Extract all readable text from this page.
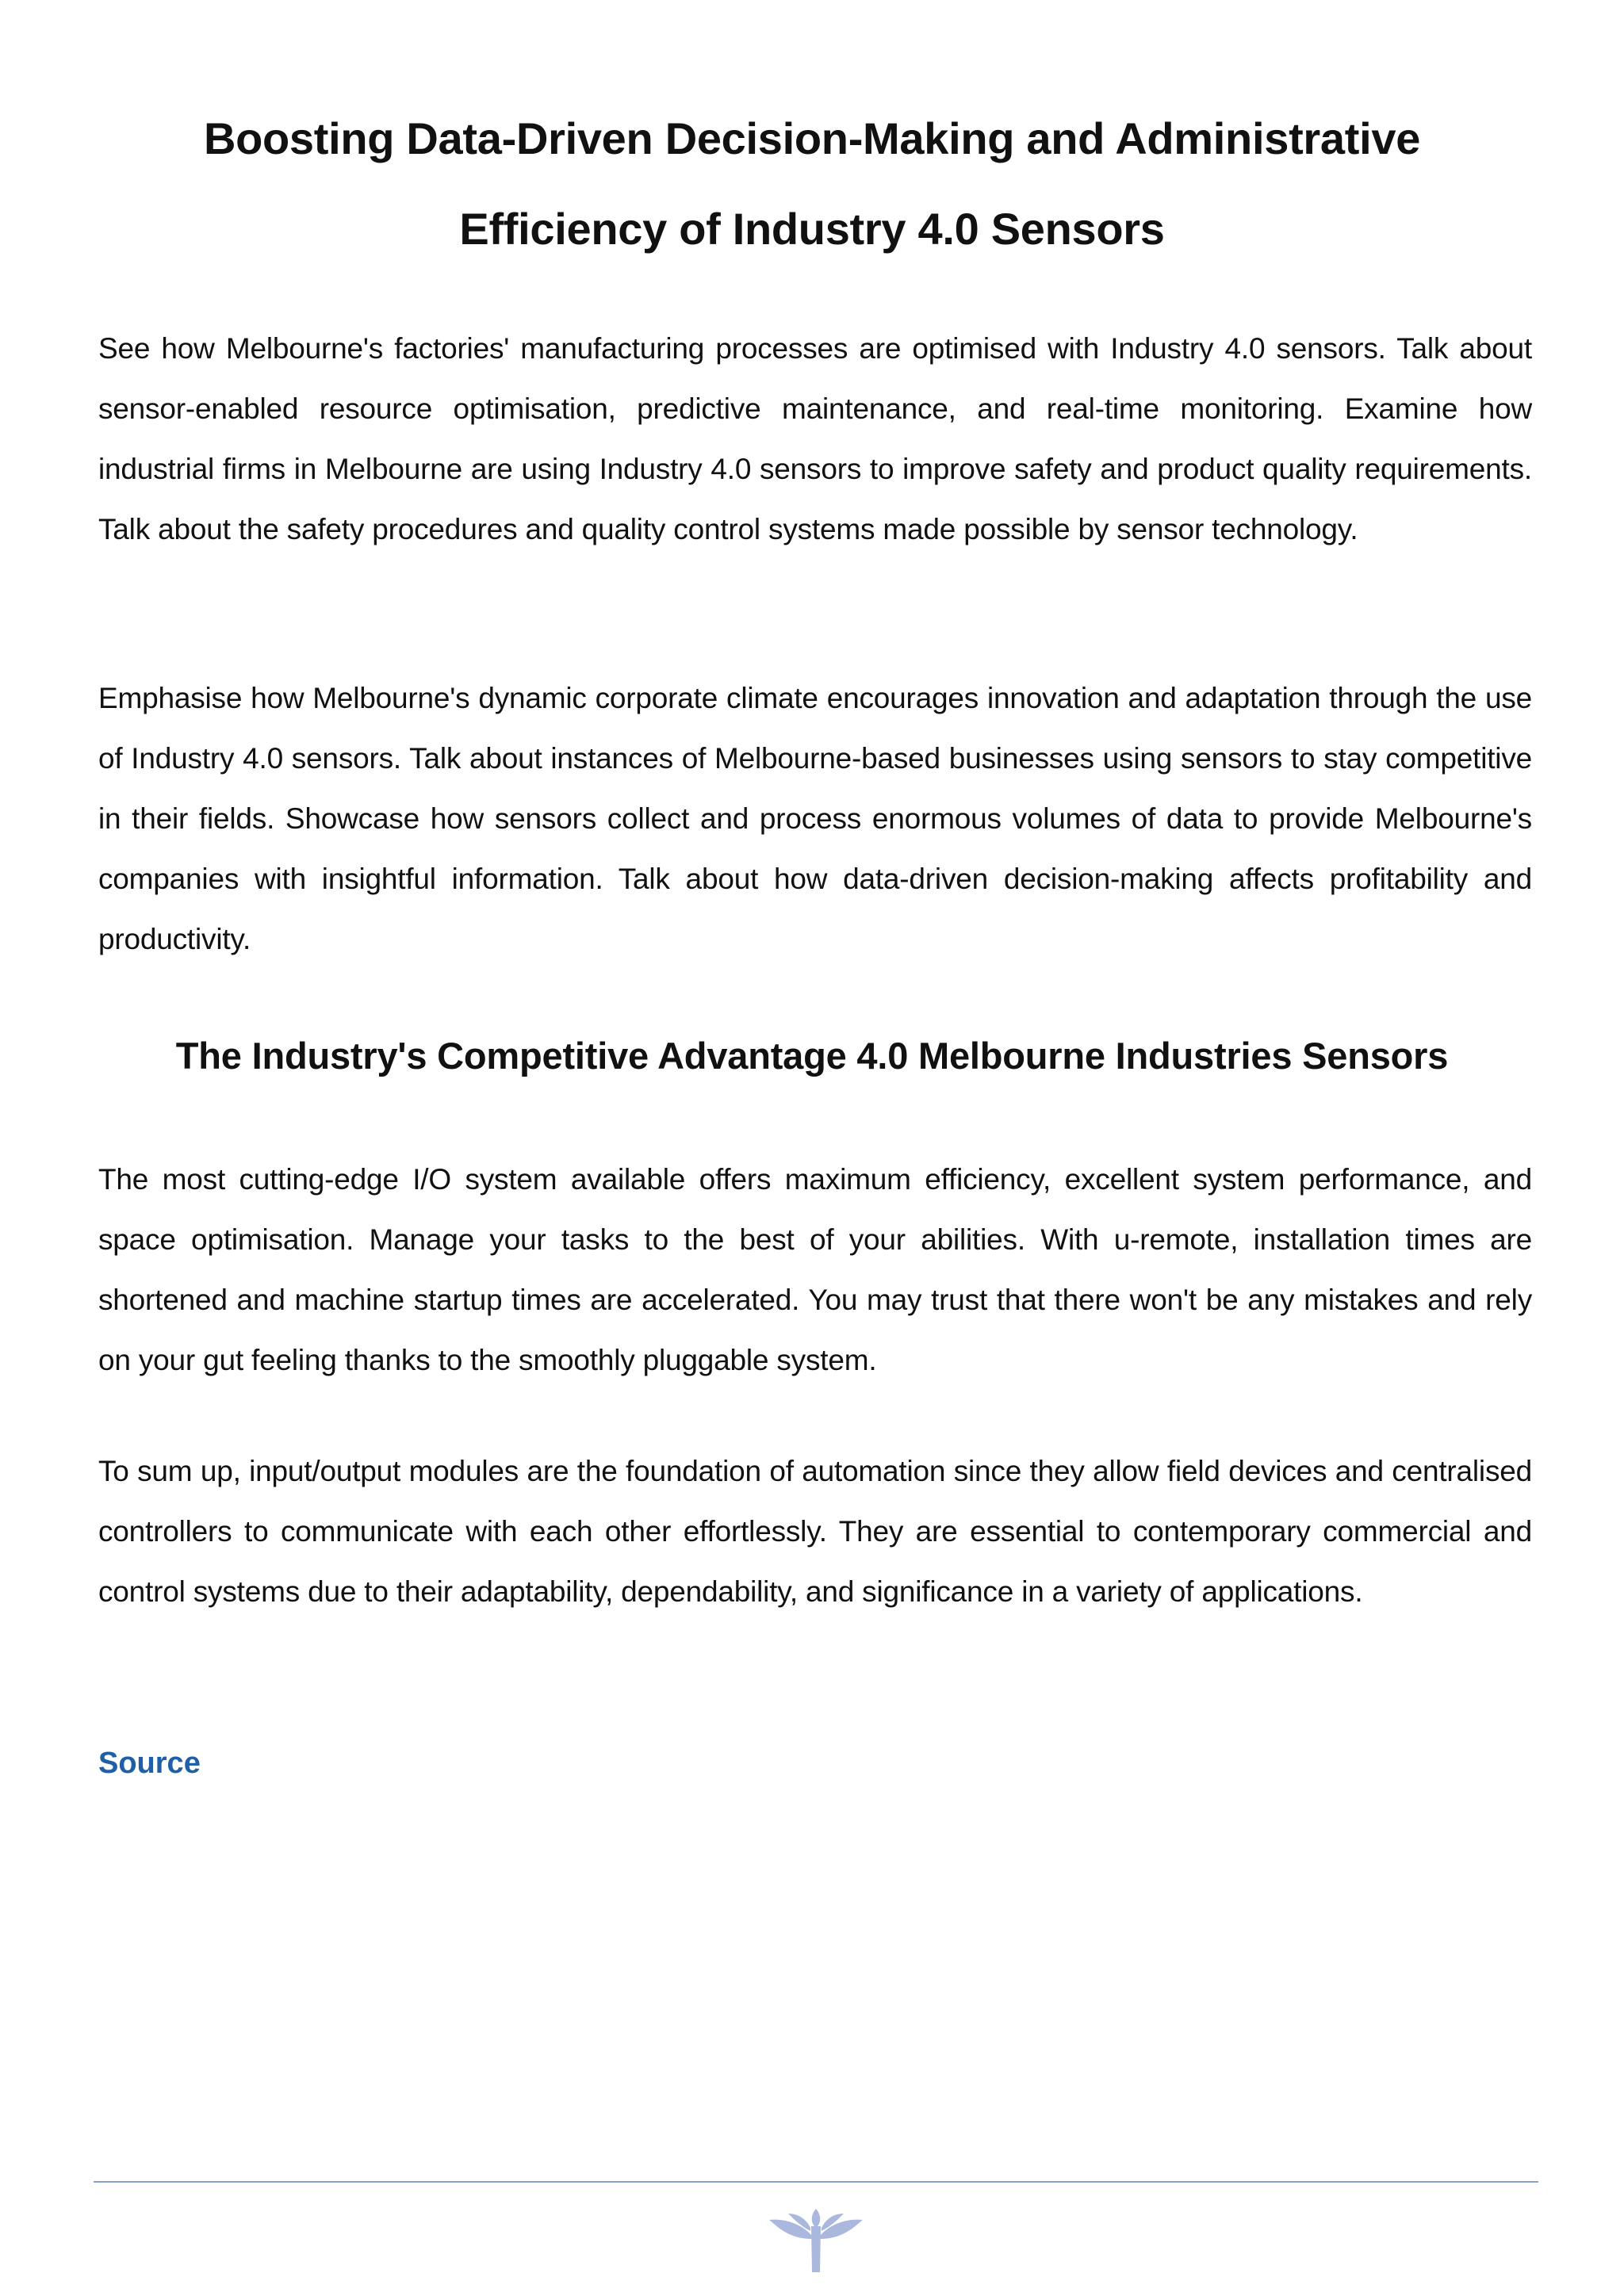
Boosting Data-Driven Decision-Making and Administrative Efficiency of Industry 4.0 Sensors

See how Melbourne's factories' manufacturing processes are optimised with Industry 4.0 sensors. Talk about sensor-enabled resource optimisation, predictive maintenance, and real-time monitoring. Examine how industrial firms in Melbourne are using Industry 4.0 sensors to improve safety and product quality requirements. Talk about the safety procedures and quality control systems made possible by sensor technology.

Emphasise how Melbourne's dynamic corporate climate encourages innovation and adaptation through the use of Industry 4.0 sensors. Talk about instances of Melbourne-based businesses using sensors to stay competitive in their fields. Showcase how sensors collect and process enormous volumes of data to provide Melbourne's companies with insightful information. Talk about how data-driven decision-making affects profitability and productivity.

The Industry's Competitive Advantage 4.0 Melbourne Industries Sensors

The most cutting-edge I/O system available offers maximum efficiency, excellent system performance, and space optimisation. Manage your tasks to the best of your abilities. With u-remote, installation times are shortened and machine startup times are accelerated. You may trust that there won't be any mistakes and rely on your gut feeling thanks to the smoothly pluggable system.

To sum up, input/output modules are the foundation of automation since they allow field devices and centralised controllers to communicate with each other effortlessly. They are essential to contemporary commercial and control systems due to their adaptability, dependability, and significance in a variety of applications.

Source
